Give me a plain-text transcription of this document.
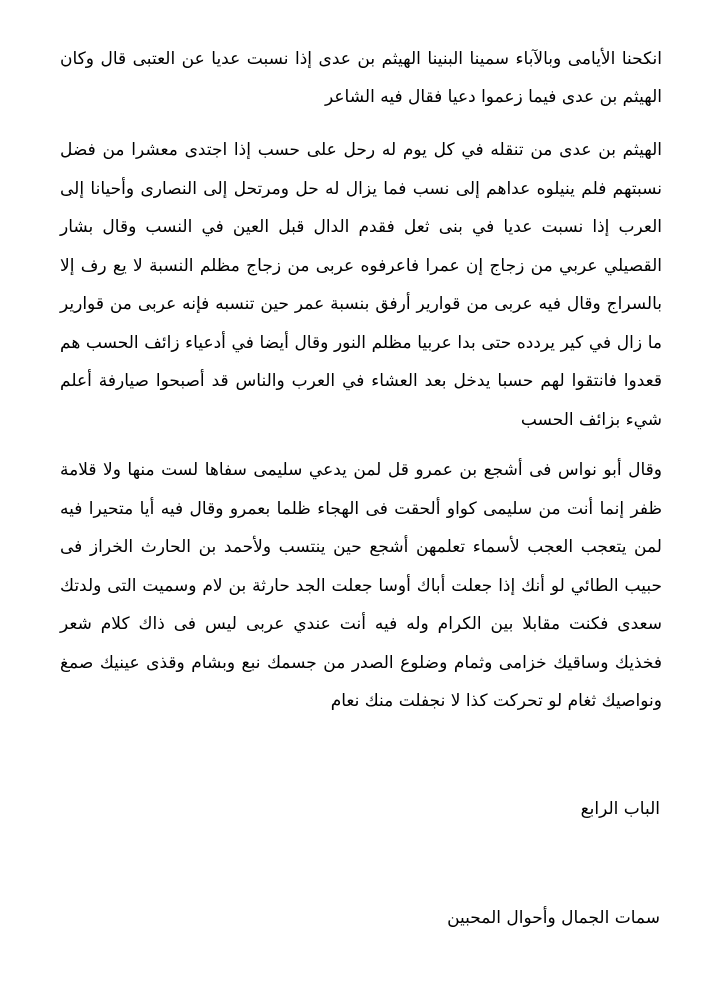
انكحنا الأيامى وبالآباء سمينا البنينا الهيثم بن عدى إذا نسبت عديا عن العتبى قال وكان الهيثم بن عدى فيما زعموا دعيا فقال فيه الشاعر

الهيثم بن عدى من تنقله في كل يوم له رحل على حسب إذا اجتدى معشرا من فضل نسبتهم فلم ينيلوه عداهم إلى نسب فما يزال له حل ومرتحل إلى النصارى وأحيانا إلى العرب إذا نسبت عديا في بنى ثعل فقدم الدال قبل العين في النسب وقال بشار القصيلي عربي من زجاج إن عمرا فاعرفوه عربى من زجاج مظلم النسبة لا يع رف إلا بالسراج وقال فيه عربى من قوارير أرفق بنسبة عمر حين تنسبه فإنه عربى من قوارير ما زال في كير يردده حتى بدا عربيا مظلم النور وقال أيضا في أدعياء زائف الحسب هم قعدوا فانتقوا لهم حسبا يدخل بعد العشاء في العرب والناس قد أصبحوا صيارفة أعلم شيء بزائف الحسب

وقال أبو نواس فى أشجع بن عمرو قل لمن يدعي سليمى سفاها لست منها ولا قلامة ظفر إنما أنت من سليمى كواو ألحقت فى الهجاء ظلما بعمرو وقال فيه أيا متحيرا فيه لمن يتعجب العجب لأسماء تعلمهن أشجع حين ينتسب ولأحمد بن الحارث الخراز فى حبيب الطائي لو أنك إذا جعلت أباك أوسا جعلت الجد حارثة بن لام وسميت التى ولدتك سعدى فكنت مقابلا بين الكرام وله فيه أنت عندي عربى ليس فى ذاك كلام شعر فخذيك وساقيك خزامى وثمام وضلوع الصدر من جسمك نبع وبشام وقذى عينيك صمغ ونواصيك ثغام لو تحركت كذا لا نجفلت منك نعام

الباب الرابع
سمات الجمال وأحوال المحبين
